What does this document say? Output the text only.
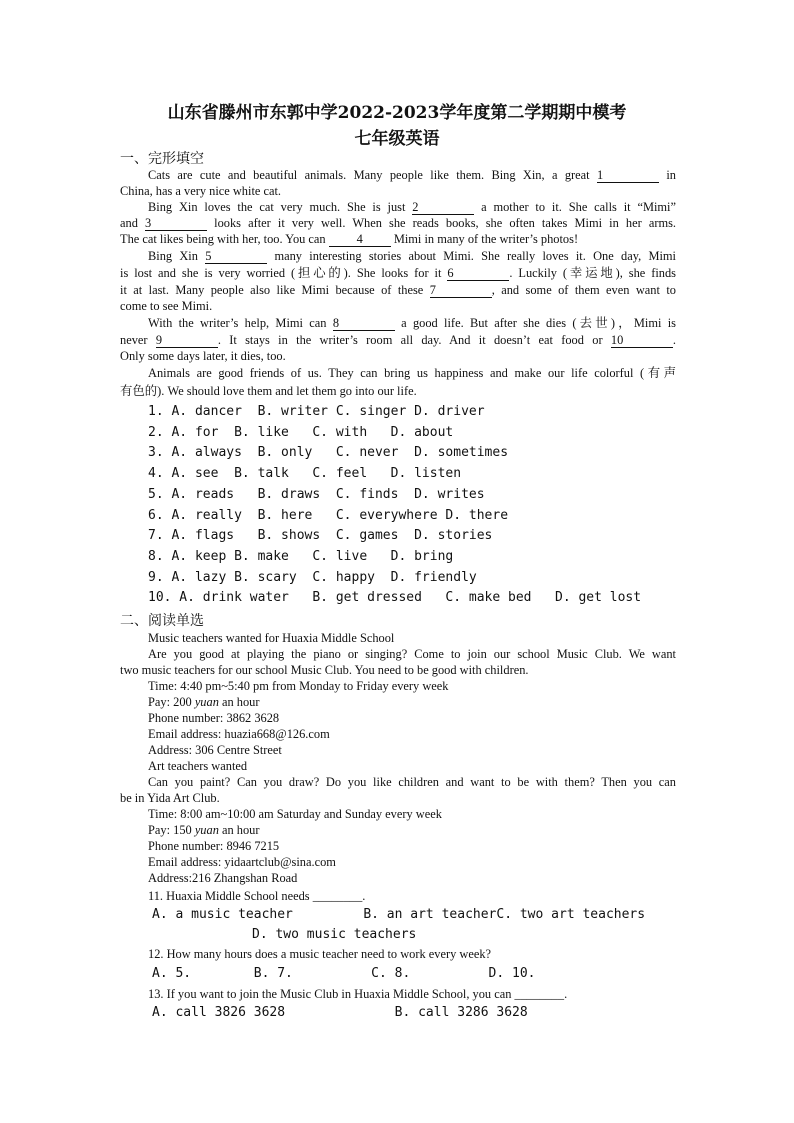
山东省滕州市东郭中学2022-2023学年度第二学期期中模考
七年级英语
一、完形填空
Cats are cute and beautiful animals. Many people like them. Bing Xin, a great 1	in
China, has a very nice white cat.
Bing Xin loves the cat very much. She is just 2	a mother to it. She calls it “Mimi”
and 3	looks after it very well. When she reads books, she often takes Mimi in her arms.
The cat likes being with her, too. You can 4 Mimi in many of the writer’s photos!
Bing Xin 5	many interesting stories about Mimi. She really loves it. One day, Mimi
is lost and she is very worried (担心的). She looks for it 6	. Luckily (幸运地), she finds
it at last. Many people also like Mimi because of these 7	, and some of them even want to
come to see Mimi.
With the writer’s help, Mimi can 8	a good life. But after she dies (去世)，Mimi is
never 9	. It stays in the writer’s room all day. And it doesn’t eat food or 10	.
Only some days later, it dies, too.
Animals are good friends of us. They can bring us happiness and make our life colorful (有声
有色的). We should love them and let them go into our life.
1. A. dancer  B. writer C. singer D. driver
2. A. for  B. like   C. with   D. about
3. A. always  B. only   C. never  D. sometimes
4. A. see  B. talk   C. feel   D. listen
5. A. reads   B. draws  C. finds  D. writes
6. A. really  B. here   C. everywhere D. there
7. A. flags   B. shows  C. games  D. stories
8. A. keep B. make   C. live   D. bring
9. A. lazy B. scary  C. happy  D. friendly
10. A. drink water   B. get dressed   C. make bed   D. get lost
二、阅读单选
Music teachers wanted for Huaxia Middle School
Are you good at playing the piano or singing? Come to join our school Music Club. We want
two music teachers for our school Music Club. You need to be good with children.
Time: 4:40 pm~5:40 pm from Monday to Friday every week
Pay: 200 yuan an hour
Phone number: 3862 3628
Email address: huazia668@126.com
Address: 306 Centre Street
Art teachers wanted
Can you paint? Can you draw? Do you like children and want to be with them? Then you can
be in Yida Art Club.
Time: 8:00 am~10:00 am Saturday and Sunday every week
Pay: 150 yuan an hour
Phone number: 8946 7215
Email address: yidaartclub@sina.com
Address:216 Zhangshan Road
11. Huaxia Middle School needs ________.
A. a music teacher         B. an art teacherC. two art teachers
D. two music teachers
12. How many hours does a music teacher need to work every week?
A. 5.        B. 7.          C. 8.          D. 10.
13. If you want to join the Music Club in Huaxia Middle School, you can ________.
A. call 3826 3628              B. call 3286 3628
